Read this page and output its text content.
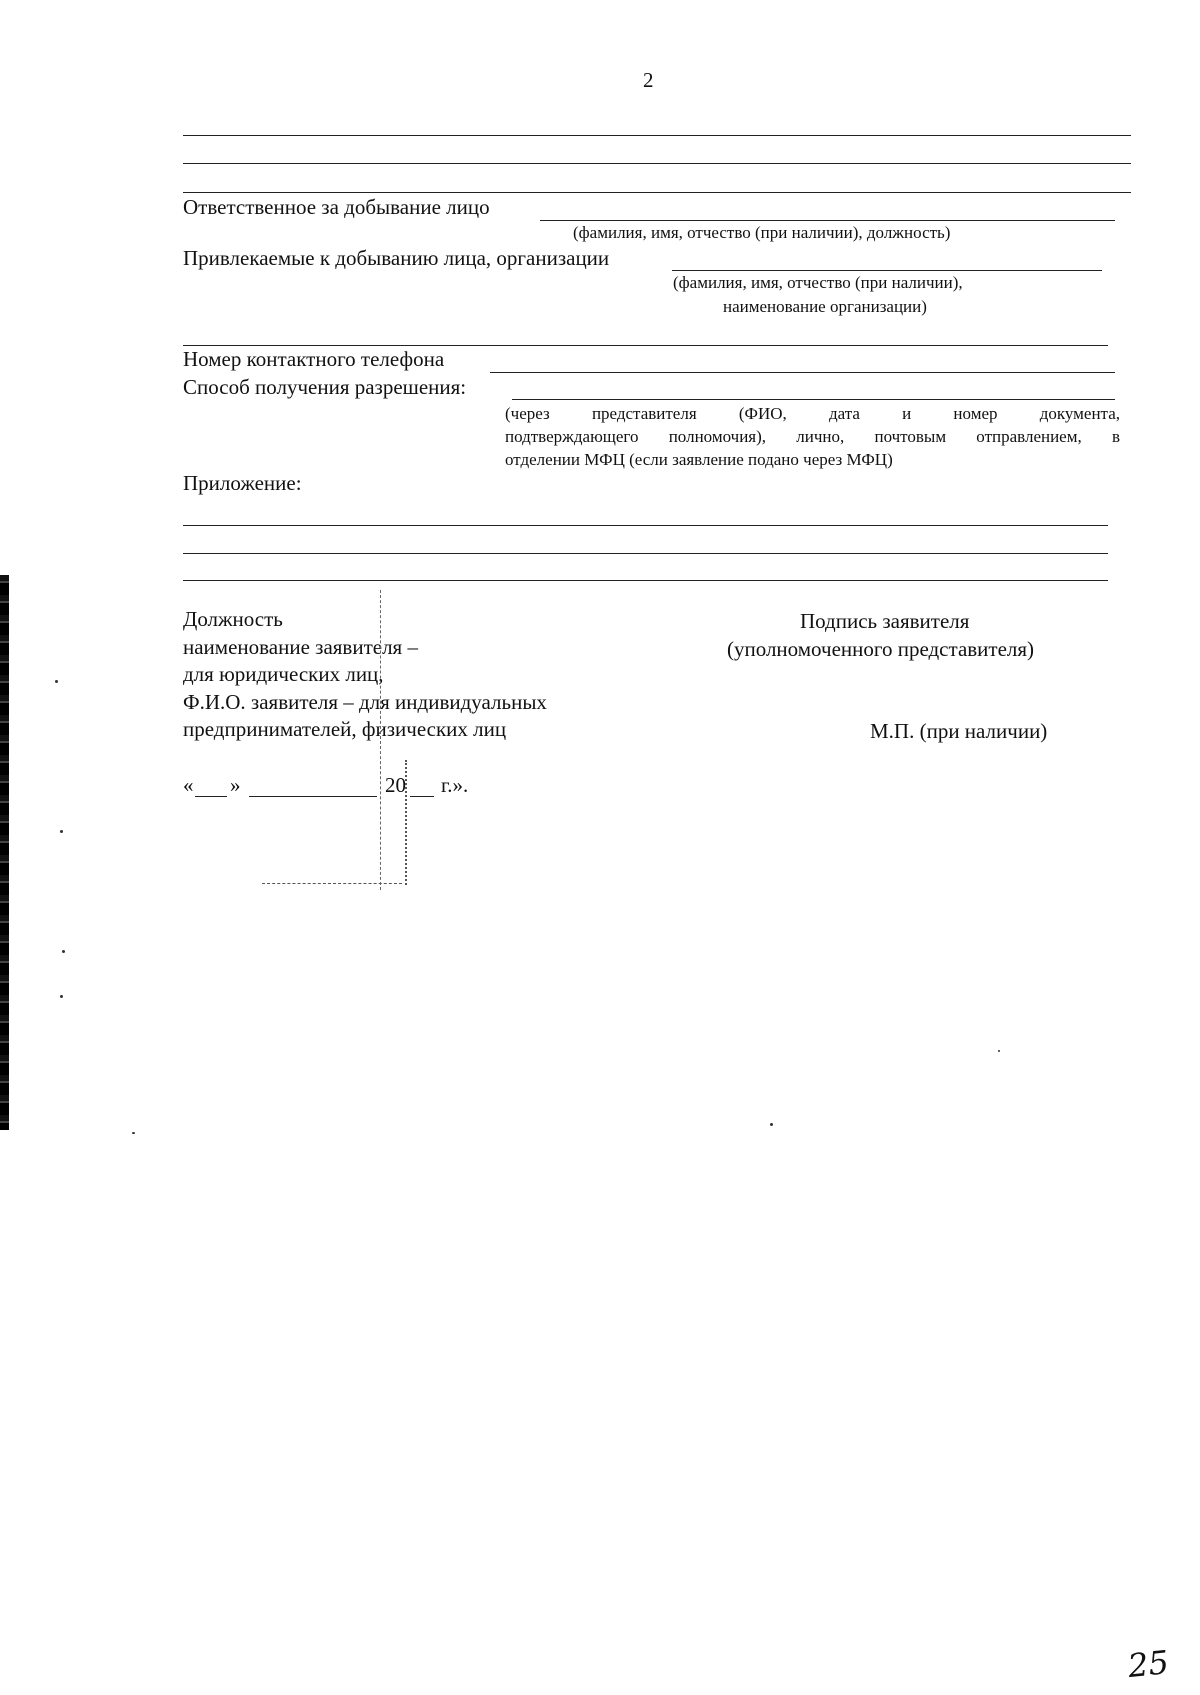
2
Ответственное за добывание лицо
(фамилия, имя, отчество (при наличии), должность)
Привлекаемые к добыванию лица, организации
(фамилия, имя, отчество (при наличии),
наименование организации)
Номер контактного телефона
Способ получения разрешения:
(через представителя (ФИО, дата и номер документа,
подтверждающего полномочия), лично, почтовым отправлением, в
отделении МФЦ (если заявление подано через МФЦ)
Приложение:
Должность
наименование заявителя –
для юридических лиц,
Ф.И.О. заявителя – для индивидуальных
предпринимателей, физических лиц
Подпись заявителя
(уполномоченного представителя)
М.П. (при наличии)
« »	20 г.».
25
